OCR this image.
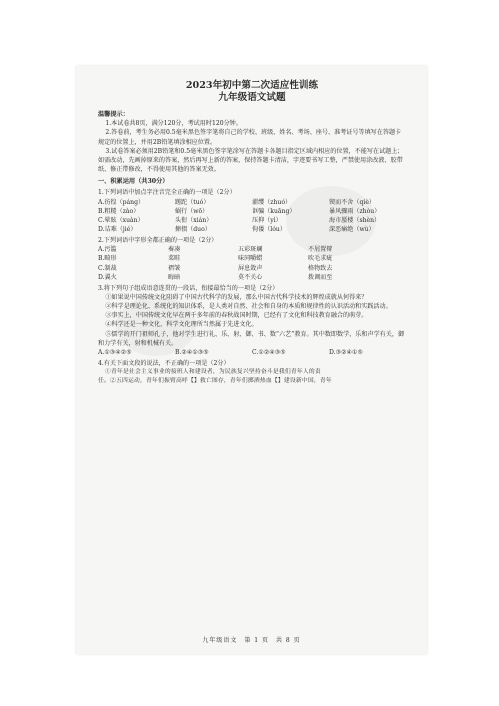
2023年初中第二次适应性训练

九年级语文试题

温馨提示：

1.本试卷共8页，满分120分，考试用时120分钟。

2.答卷前，考生务必用0.5毫米黑色签字笔将自己的学校、班级、姓名、考场、座号、准考证号等填写在答题卡规定的位置上，并用2B铅笔填涂相应位置。

3.试卷答案必须用2B铅笔和0.5毫米黑色签字笔涂写在答题卡各题目指定区域内相应的位置，不能写在试题上；如需改动，先画掉原来的答案，然后再写上新的答案，保持答题卡清洁，字迹要书写工整，严禁使用涂改液、胶带纸、修正带修改，不得使用其他的答案无效。

一、积累运用（共30分）

1.下列词语中加点字注音完全正确的一项是（2分）

A.彷徨（páng）	蹉跎（tuó）	濯缨（zhuó）	锲而不舍（qiè）
B.粗糙（zào）	蜗行（wō）	诓骗（kuāng）	暴风骤雨（zhòu）
C.晕眩（xuàn）	头衔（xián）	压抑（yì）	海市蜃楼（shèn）
D.诘难（jié）	撺掇（duo）	佝偻（lóu）	深恶痛绝（wù）

2.下列词语中字形全都正确的一项是（2分）

A.污滥	奏凑	五彩斑斓	不屑置辩
B.畸形	菜畦	味同嚼蜡	吹毛求疵
C.制裁	褶皱	屏息敛声	格物致去
D.翼火	晦暗	莫不关心	拨调而至

3.将下列句子组成语意连贯的一段话，衔接最恰当的一项是（2分）

①如果说中国传统文化阻碍了中国古代科学的发展，那么中国古代科学技术的辉煌成就从何得来？

②科学是理论化、系统化的知识体系，是人类对自然、社会和自身的本质和规律性的认识活动和实践活动。

③事实上，中国传统文化早在两千多年前的春秋战国时期，已经有了文化和科技教育融合的萌芽。

④科学还是一种文化，科学文化理所当然属于先进文化。

⑤儒学的开门祖师孔子，他对学生进行礼、乐、射、御、书、数“六艺”教育。其中数即数学，乐和声学有关，御和力学有关，射和机械有关。

A.①③④②⑤	B.②④①③⑤	C.①②④③⑤	D.③②④①⑤

4.有关下面文段的说法，不正确的一项是（2分）

①青年是社会主义事业的接班人和建设者，为民族复兴坚持奋斗是我们青年人的责

任。②五四运动，青年们振臂高呼【】救亡图存，青年们掷洒热血【】建设新中国，青年

九年级语文　第 1 页　共 8 页
